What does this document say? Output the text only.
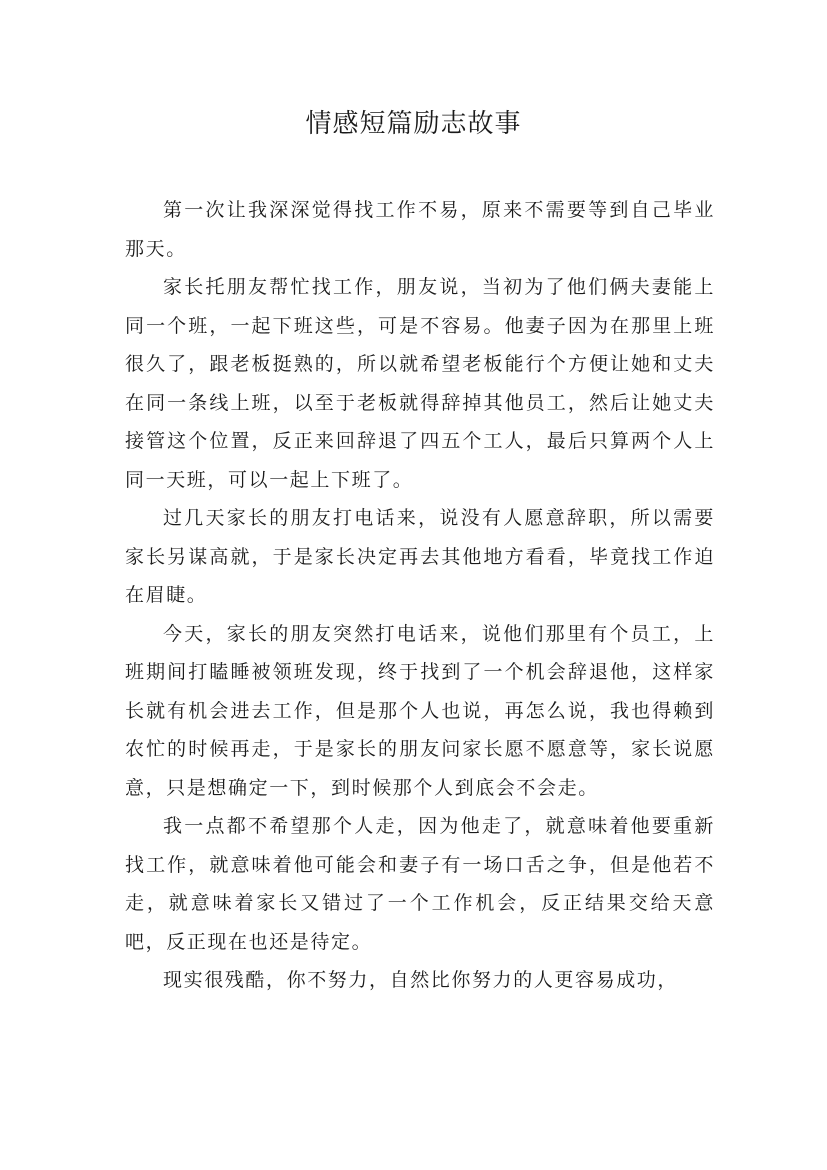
情感短篇励志故事

第一次让我深深觉得找工作不易，原来不需要等到自己毕业那天。

家长托朋友帮忙找工作，朋友说，当初为了他们俩夫妻能上同一个班，一起下班这些，可是不容易。他妻子因为在那里上班很久了，跟老板挺熟的，所以就希望老板能行个方便让她和丈夫在同一条线上班，以至于老板就得辞掉其他员工，然后让她丈夫接管这个位置，反正来回辞退了四五个工人，最后只算两个人上同一天班，可以一起上下班了。

过几天家长的朋友打电话来，说没有人愿意辞职，所以需要家长另谋高就，于是家长决定再去其他地方看看，毕竟找工作迫在眉睫。

今天，家长的朋友突然打电话来，说他们那里有个员工，上班期间打瞌睡被领班发现，终于找到了一个机会辞退他，这样家长就有机会进去工作，但是那个人也说，再怎么说，我也得赖到农忙的时候再走，于是家长的朋友问家长愿不愿意等，家长说愿意，只是想确定一下，到时候那个人到底会不会走。

我一点都不希望那个人走，因为他走了，就意味着他要重新找工作，就意味着他可能会和妻子有一场口舌之争，但是他若不走，就意味着家长又错过了一个工作机会，反正结果交给天意吧，反正现在也还是待定。

现实很残酷，你不努力，自然比你努力的人更容易成功，
